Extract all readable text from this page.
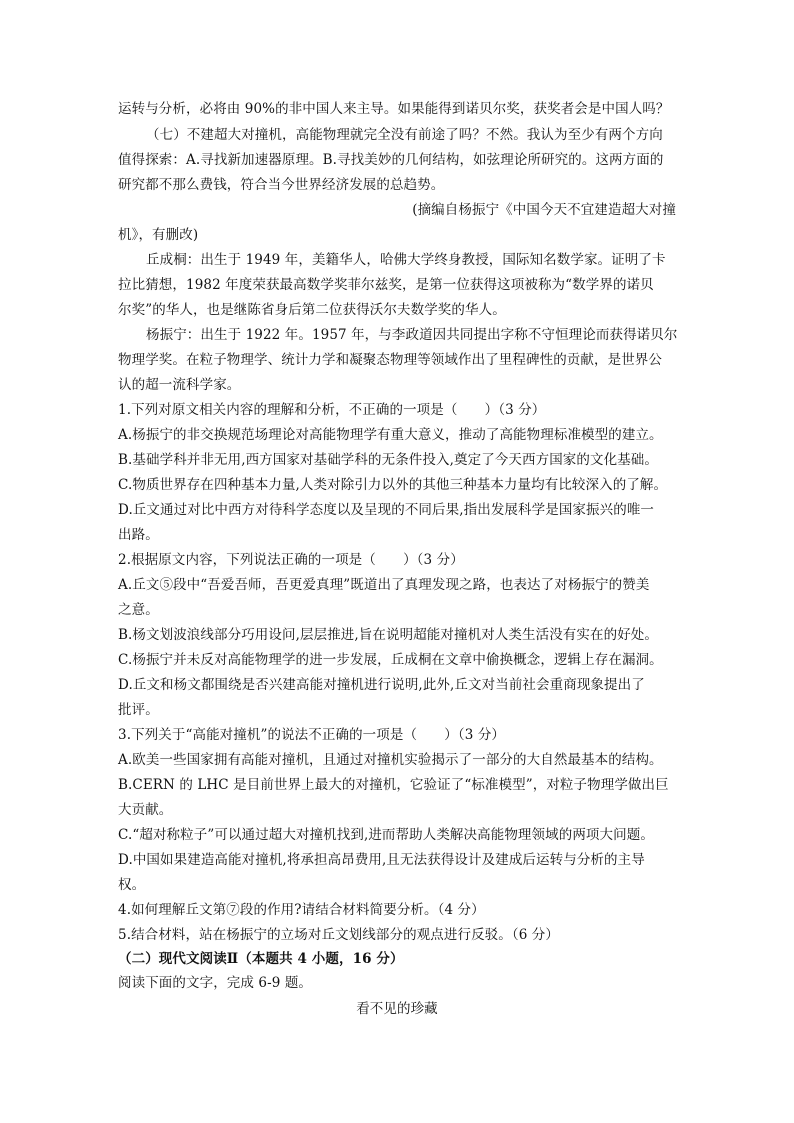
运转与分析，必将由 90%的非中国人来主导。如果能得到诺贝尔奖，获奖者会是中国人吗？
（七）不建超大对撞机，高能物理就完全没有前途了吗？不然。我认为至少有两个方向
值得探索：A.寻找新加速器原理。B.寻找美妙的几何结构，如弦理论所研究的。这两方面的
研究都不那么费钱，符合当今世界经济发展的总趋势。
(摘编自杨振宁《中国今天不宜建造超大对撞
机》，有删改)
丘成桐：出生于 1949 年，美籍华人，哈佛大学终身教授，国际知名数学家。证明了卡
拉比猜想，1982 年度荣获最高数学奖菲尔兹奖，是第一位获得这项被称为“数学界的诺贝
尔奖”的华人，也是继陈省身后第二位获得沃尔夫数学奖的华人。
杨振宁：出生于 1922 年。1957 年，与李政道因共同提出字称不守恒理论而获得诺贝尔
物理学奖。在粒子物理学、统计力学和凝聚态物理等领域作出了里程碑性的贡献，是世界公
认的超一流科学家。
1.下列对原文相关内容的理解和分析，不正确的一项是（　　）（3 分）
A.杨振宁的非交换规范场理论对高能物理学有重大意义，推动了高能物理标准模型的建立。
B.基础学科并非无用,西方国家对基础学科的无条件投入,奠定了今天西方国家的文化基础。
C.物质世界存在四种基本力量,人类对除引力以外的其他三种基本力量均有比较深入的了解。
D.丘文通过对比中西方对待科学态度以及呈现的不同后果,指出发展科学是国家振兴的唯一
出路。
2.根据原文内容，下列说法正确的一项是（　　）（3 分）
A.丘文⑤段中“吾爱吾师，吾更爱真理”既道出了真理发现之路，也表达了对杨振宁的赞美
之意。
B.杨文划波浪线部分巧用设问,层层推进,旨在说明超能对撞机对人类生活没有实在的好处。
C.杨振宁并未反对高能物理学的进一步发展，丘成桐在文章中偷换概念，逻辑上存在漏洞。
D.丘文和杨文都围绕是否兴建高能对撞机进行说明,此外,丘文对当前社会重商现象提出了
批评。
3.下列关于“高能对撞机”的说法不正确的一项是（　　）（3 分）
A.欧美一些国家拥有高能对撞机，且通过对撞机实验揭示了一部分的大自然最基本的结构。
B.CERN 的 LHC 是目前世界上最大的对撞机，它验证了“标准模型”，对粒子物理学做出巨
大贡献。
C.“超对称粒子”可以通过超大对撞机找到,进而帮助人类解决高能物理领域的两项大问题。
D.中国如果建造高能对撞机,将承担高昂费用,且无法获得设计及建成后运转与分析的主导
权。
4.如何理解丘文第⑦段的作用?请结合材料简要分析。（4 分）
5.结合材料，站在杨振宁的立场对丘文划线部分的观点进行反驳。（6 分）
（二）现代文阅读Ⅱ（本题共 4 小题，16 分）
阅读下面的文字，完成 6-9 题。
看不见的珍藏
